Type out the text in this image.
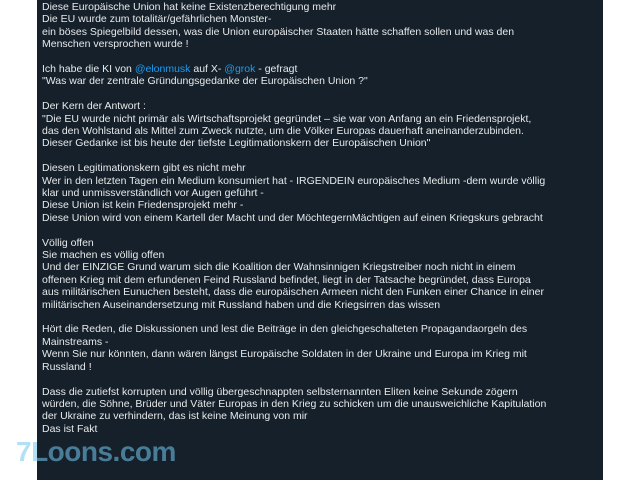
Diese Europäische Union hat keine Existenzberechtigung mehr
Die EU wurde zum totalitär/gefährlichen Monster-
ein böses Spiegelbild dessen, was die Union europäischer Staaten hätte schaffen sollen und was den
Menschen versprochen wurde !
Ich habe die KI von @elonmusk auf X- @grok - gefragt
"Was war der zentrale Gründungsgedanke der Europäischen Union ?"
Der Kern der Antwort :
"Die EU wurde nicht primär als Wirtschaftsprojekt gegründet – sie war von Anfang an ein Friedensprojekt,
das den Wohlstand als Mittel zum Zweck nutzte, um die Völker Europas dauerhaft aneinanderzubinden.
Dieser Gedanke ist bis heute der tiefste Legitimationskern der Europäischen Union"
Diesen Legitimationskern gibt es nicht mehr
Wer in den letzten Tagen ein Medium konsumiert hat - IRGENDEIN europäisches Medium -dem wurde völlig
klar und unmissverständlich vor Augen geführt -
Diese Union ist kein Friedensprojekt mehr -
Diese Union wird von einem Kartell der Macht und der MöchtegernMächtigen auf einen Kriegskurs gebracht
Völlig offen
Sie machen es völlig offen
Und der EINZIGE Grund warum sich die Koalition der Wahnsinnigen Kriegstreiber noch nicht in einem
offenen Krieg mit dem erfundenen Feind Russland befindet, liegt in der Tatsache begründet, dass Europa
aus militärischen Eunuchen besteht, dass die europäischen Armeen nicht den Funken einer Chance in einer
militärischen Auseinandersetzung mit Russland haben und die Kriegsirren das wissen
Hört die Reden, die Diskussionen und lest die Beiträge in den gleichgeschalteten Propagandaorgeln des
Mainstreams -
Wenn Sie nur könnten, dann wären längst Europäische Soldaten in der Ukraine und Europa im Krieg mit
Russland !
Dass die zutiefst korrupten und völlig übergeschnappten selbsternannten Eliten keine Sekunde zögern
würden, die Söhne, Brüder und Väter Europas in den Krieg zu schicken um die unausweichliche Kapitulation
der Ukraine zu verhindern, das ist keine Meinung von mir
Das ist Fakt
7Loons.com
